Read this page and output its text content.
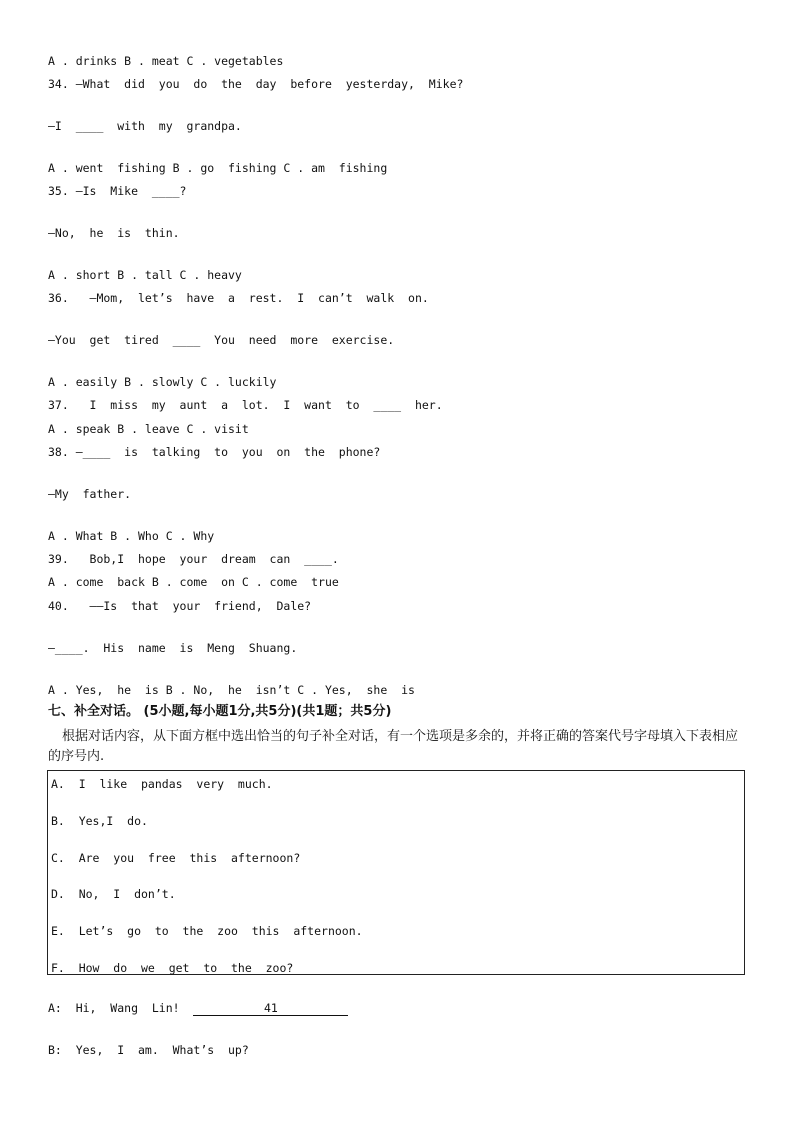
A . drinks B . meat C . vegetables
34. —What  did  you  do  the  day  before  yesterday,  Mike?
—I  ____  with  my  grandpa.
A . went  fishing B . go  fishing C . am  fishing
35. —Is  Mike  ____?
—No,  he  is  thin.
A . short B . tall C . heavy
36.   —Mom,  let’s  have  a  rest.  I  can’t  walk  on.
—You  get  tired  ____  You  need  more  exercise.
A . easily B . slowly C . luckily
37.   I  miss  my  aunt  a  lot.  I  want  to  ____  her.
A . speak B . leave C . visit
38. —____  is  talking  to  you  on  the  phone?
—My  father.
A . What B . Who C . Why
39.   Bob,I  hope  your  dream  can  ____.
A . come  back B . come  on C . come  true
40.   ——Is  that  your  friend,  Dale?
—____.  His  name  is  Meng  Shuang.
A . Yes,  he  is B . No,  he  isn’t C . Yes,  she  is
七、补全对话。 (5小题,每小题1分,共5分)(共1题；共5分)
根据对话内容，从下面方框中选出恰当的句子补全对话，有一个选项是多余的，并将正确的答案代号字母填入下表相应的序号内.
A.  I  like  pandas  very  much.
B.  Yes,I  do.
C.  Are  you  free  this  afternoon?
D.  No,  I  don’t.
E.  Let’s  go  to  the  zoo  this  afternoon.
F.  How  do  we  get  to  the  zoo?
A:  Hi,  Wang  Lin!	41
B:  Yes,  I  am.  What’s  up?
